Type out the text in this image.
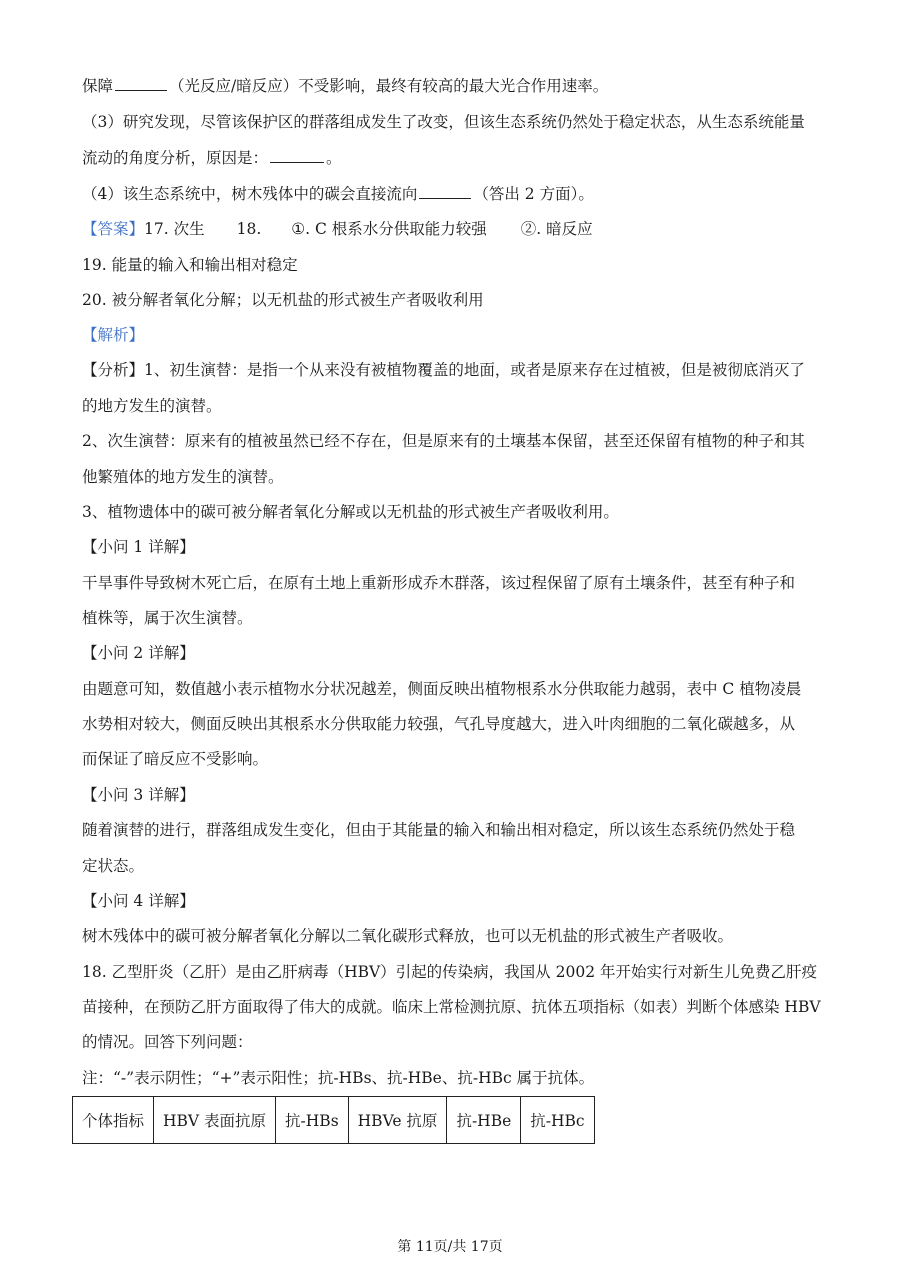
保障	（光反应/暗反应）不受影响，最终有较高的最大光合作用速率。
（3）研究发现，尽管该保护区的群落组成发生了改变，但该生态系统仍然处于稳定状态，从生态系统能量
流动的角度分析，原因是：	。
（4）该生态系统中，树木残体中的碳会直接流向	（答出 2 方面）。
【答案】17. 次生 18. ①. C 根系水分供取能力较强 ②. 暗反应
19. 能量的输入和输出相对稳定
20. 被分解者氧化分解；以无机盐的形式被生产者吸收利用
【解析】
【分析】1、初生演替：是指一个从来没有被植物覆盖的地面，或者是原来存在过植被，但是被彻底消灭了
的地方发生的演替。
2、次生演替：原来有的植被虽然已经不存在，但是原来有的土壤基本保留，甚至还保留有植物的种子和其
他繁殖体的地方发生的演替。
3、植物遗体中的碳可被分解者氧化分解或以无机盐的形式被生产者吸收利用。
【小问 1 详解】
干旱事件导致树木死亡后，在原有土地上重新形成乔木群落，该过程保留了原有土壤条件，甚至有种子和
植株等，属于次生演替。
【小问 2 详解】
由题意可知，数值越小表示植物水分状况越差，侧面反映出植物根系水分供取能力越弱，表中 C 植物凌晨
水势相对较大，侧面反映出其根系水分供取能力较强，气孔导度越大，进入叶肉细胞的二氧化碳越多，从
而保证了暗反应不受影响。
【小问 3 详解】
随着演替的进行，群落组成发生变化，但由于其能量的输入和输出相对稳定，所以该生态系统仍然处于稳
定状态。
【小问 4 详解】
树木残体中的碳可被分解者氧化分解以二氧化碳形式释放，也可以无机盐的形式被生产者吸收。
18. 乙型肝炎（乙肝）是由乙肝病毒（HBV）引起的传染病，我国从 2002 年开始实行对新生儿免费乙肝疫
苗接种，在预防乙肝方面取得了伟大的成就。临床上常检测抗原、抗体五项指标（如表）判断个体感染 HBV
的情况。回答下列问题：
注：“-”表示阴性；“+”表示阳性；抗-HBs、抗-HBe、抗-HBc 属于抗体。
个体指标	HBV 表面抗原	抗-HBs	HBVe 抗原	抗-HBe	抗-HBc
第 11页/共 17页
